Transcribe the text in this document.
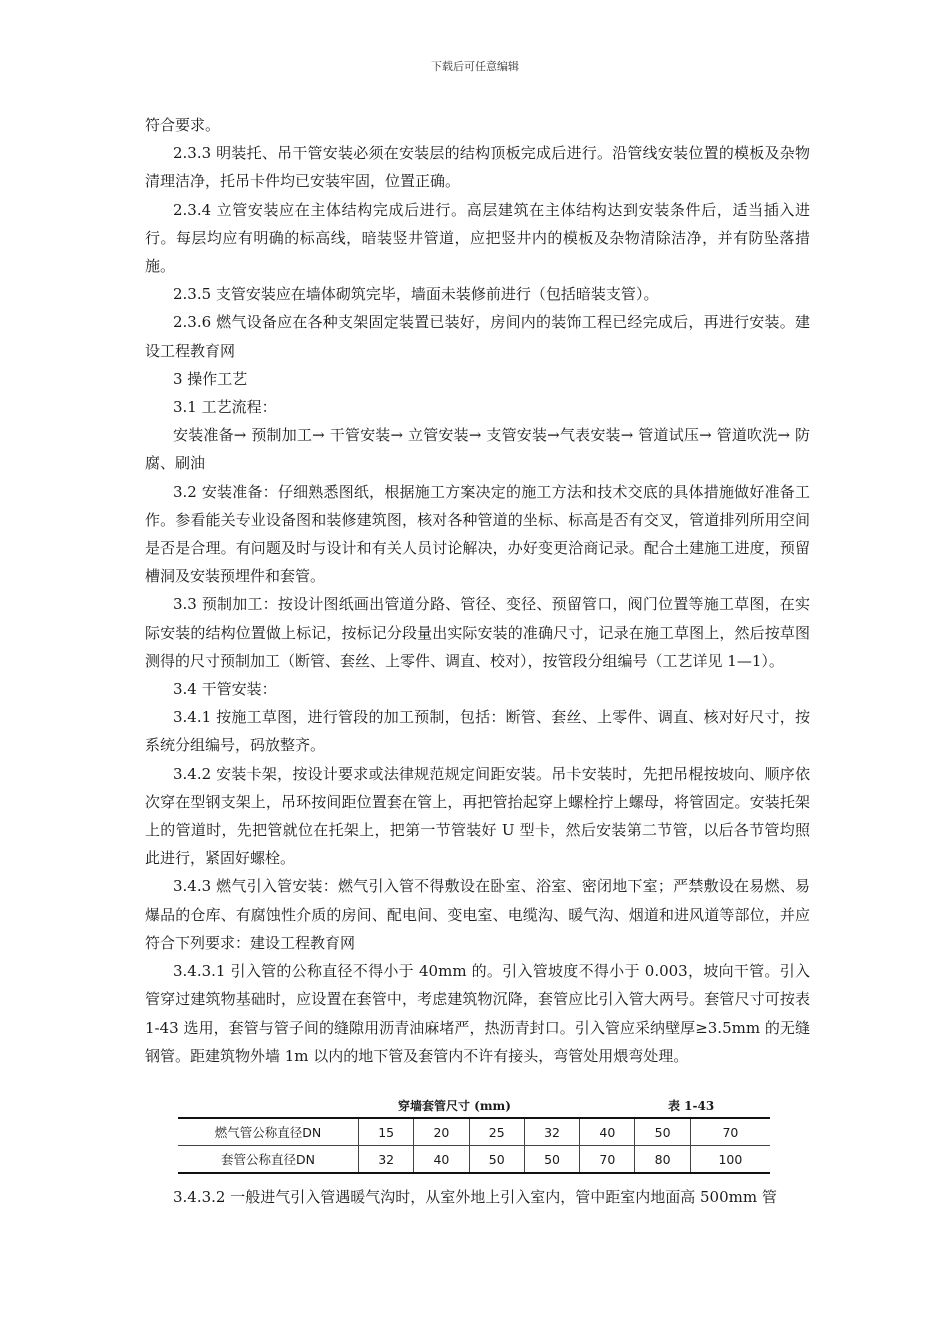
下载后可任意编辑

符合要求。

2.3.3 明装托、吊干管安装必须在安装层的结构顶板完成后进行。沿管线安装位置的模板及杂物清理洁净，托吊卡件均已安装牢固，位置正确。

2.3.4 立管安装应在主体结构完成后进行。高层建筑在主体结构达到安装条件后，适当插入进行。每层均应有明确的标高线，暗装竖井管道，应把竖井内的模板及杂物清除洁净，并有防坠落措施。

2.3.5 支管安装应在墙体砌筑完毕，墙面未装修前进行（包括暗装支管）。

2.3.6 燃气设备应在各种支架固定装置已装好，房间内的装饰工程已经完成后，再进行安装。建设工程教育网

3 操作工艺

3.1 工艺流程：

安装准备→ 预制加工→ 干管安装→ 立管安装→ 支管安装→气表安装→ 管道试压→ 管道吹洗→ 防腐、刷油

3.2 安装准备：仔细熟悉图纸，根据施工方案决定的施工方法和技术交底的具体措施做好准备工作。参看能关专业设备图和装修建筑图，核对各种管道的坐标、标高是否有交叉，管道排列所用空间是否是合理。有问题及时与设计和有关人员讨论解决，办好变更洽商记录。配合土建施工进度，预留槽洞及安装预埋件和套管。

3.3 预制加工：按设计图纸画出管道分路、管径、变径、预留管口，阀门位置等施工草图，在实际安装的结构位置做上标记，按标记分段量出实际安装的准确尺寸，记录在施工草图上，然后按草图测得的尺寸预制加工（断管、套丝、上零件、调直、校对），按管段分组编号（工艺详见 1—1）。

3.4 干管安装：

3.4.1 按施工草图，进行管段的加工预制，包括：断管、套丝、上零件、调直、核对好尺寸，按系统分组编号，码放整齐。

3.4.2 安装卡架，按设计要求或法律规范规定间距安装。吊卡安装时，先把吊棍按坡向、顺序依次穿在型钢支架上，吊环按间距位置套在管上，再把管抬起穿上螺栓拧上螺母，将管固定。安装托架上的管道时，先把管就位在托架上，把第一节管装好 U 型卡，然后安装第二节管，以后各节管均照此进行，紧固好螺栓。

3.4.3 燃气引入管安装：燃气引入管不得敷设在卧室、浴室、密闭地下室；严禁敷设在易燃、易爆品的仓库、有腐蚀性介质的房间、配电间、变电室、电缆沟、暖气沟、烟道和进风道等部位，并应符合下列要求：建设工程教育网

3.4.3.1 引入管的公称直径不得小于 40mm 的。引入管坡度不得小于 0.003，坡向干管。引入管穿过建筑物基础时，应设置在套管中，考虑建筑物沉降，套管应比引入管大两号。套管尺寸可按表 1-43 选用，套管与管子间的缝隙用沥青油麻堵严，热沥青封口。引入管应采纳壁厚≥3.5mm 的无缝钢管。距建筑物外墙 1m 以内的地下管及套管内不许有接头，弯管处用煨弯处理。

穿墙套管尺寸 (mm)	表 1-43
燃气管公称直径DN	15	20	25	32	40	50	70
套管公称直径DN	32	40	50	50	70	80	100

3.4.3.2 一般进气引入管遇暖气沟时，从室外地上引入室内，管中距室内地面高 500mm 管
